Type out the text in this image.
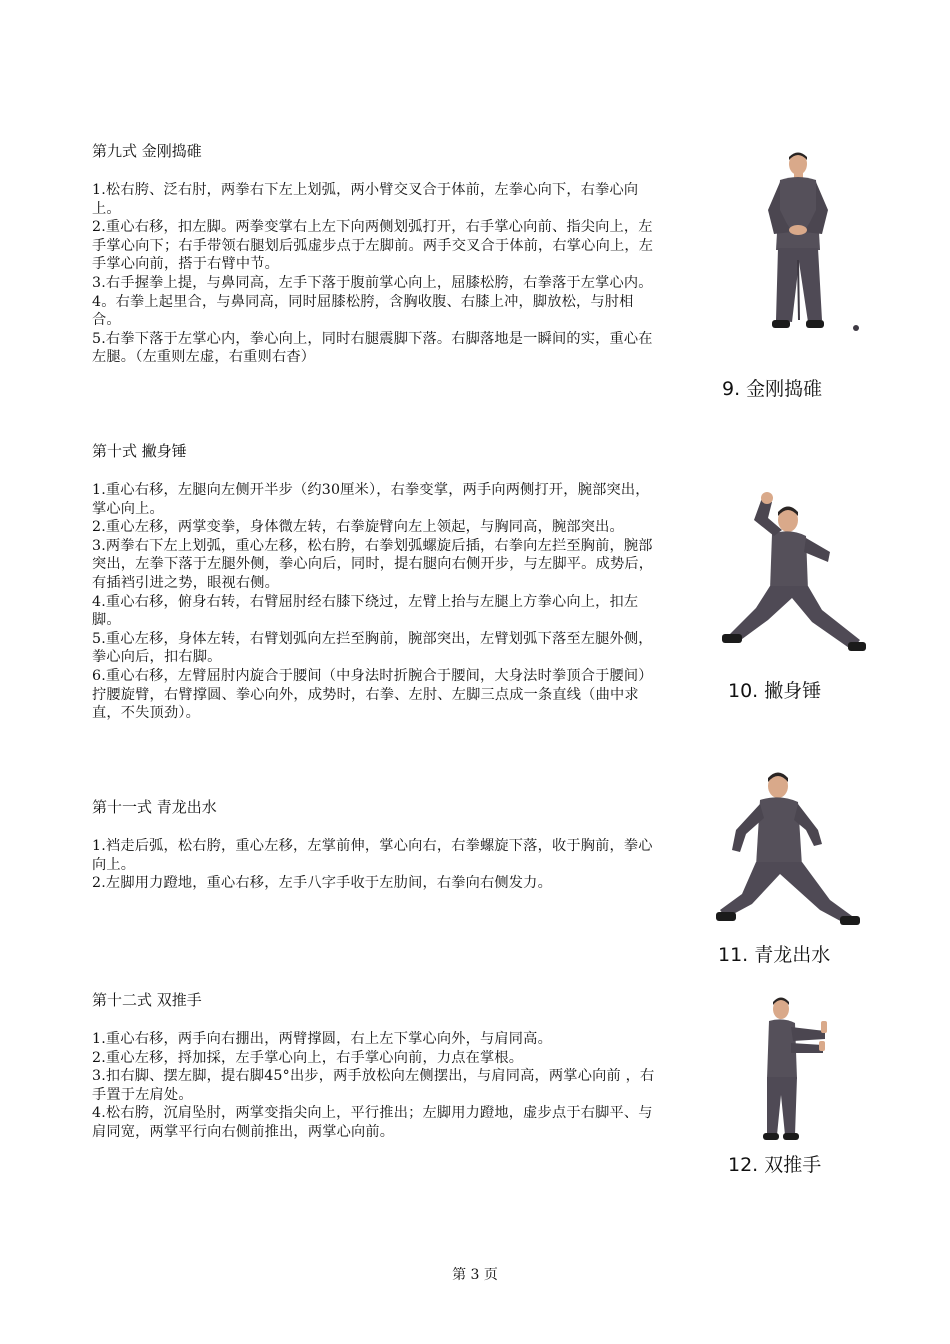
第九式 金刚捣碓
1.松右胯、泛右肘，两拳右下左上划弧，两小臂交叉合于体前，左拳心向下，右拳心向上。
2.重心右移，扣左脚。两拳变掌右上左下向两侧划弧打开，右手掌心向前、指尖向上，左手掌心向下；右手带领右腿划后弧虚步点于左脚前。两手交叉合于体前，右掌心向上，左手掌心向前，搭于右臂中节。
3.右手握拳上提，与鼻同高，左手下落于腹前掌心向上，屈膝松胯，右拳落于左掌心内。
4。右拳上起里合，与鼻同高，同时屈膝松胯，含胸收腹、右膝上冲，脚放松，与肘相合。
5.右拳下落于左掌心内，拳心向上，同时右腿震脚下落。右脚落地是一瞬间的实，重心在左腿。（左重则左虚，右重则右杳）
第十式 撇身锤
1.重心右移，左腿向左侧开半步（约30厘米），右拳变掌，两手向两侧打开，腕部突出，掌心向上。
2.重心左移，两掌变拳，身体微左转，右拳旋臂向左上领起，与胸同高，腕部突出。
3.两拳右下左上划弧，重心左移，松右胯，右拳划弧螺旋后插，右拳向左拦至胸前，腕部突出，左拳下落于左腿外侧，拳心向后，同时，提右腿向右侧开步，与左脚平。成势后，有插裆引进之势，眼视右侧。
4.重心右移，俯身右转，右臂屈肘经右膝下绕过，左臂上抬与左腿上方拳心向上，扣左脚。
5.重心左移，身体左转，右臂划弧向左拦至胸前，腕部突出，左臂划弧下落至左腿外侧，拳心向后，扣右脚。
6.重心右移，左臂屈肘内旋合于腰间（中身法时折腕合于腰间，大身法时拳顶合于腰间）拧腰旋臂，右臂撑圆、拳心向外，成势时，右拳、左肘、左脚三点成一条直线（曲中求直，不失顶劲）。
第十一式 青龙出水
1.裆走后弧，松右胯，重心左移，左掌前伸，掌心向右，右拳螺旋下落，收于胸前，拳心向上。
2.左脚用力蹬地，重心右移，左手八字手收于左肋间，右拳向右侧发力。
第十二式 双推手
1.重心右移，两手向右掤出，两臂撑圆，右上左下掌心向外，与肩同高。
2.重心左移，捋加採，左手掌心向上，右手掌心向前，力点在掌根。
3.扣右脚、摆左脚，提右脚45°出步，两手放松向左侧摆出，与肩同高，两掌心向前 ，右手置于左肩处。
4.松右胯，沉肩坠肘，两掌变指尖向上，平行推出；左脚用力蹬地，虚步点于右脚平、与肩同宽，两掌平行向右侧前推出，两掌心向前。
9. 金刚捣碓
10. 撇身锤
11. 青龙出水
12. 双推手
第 3 页
